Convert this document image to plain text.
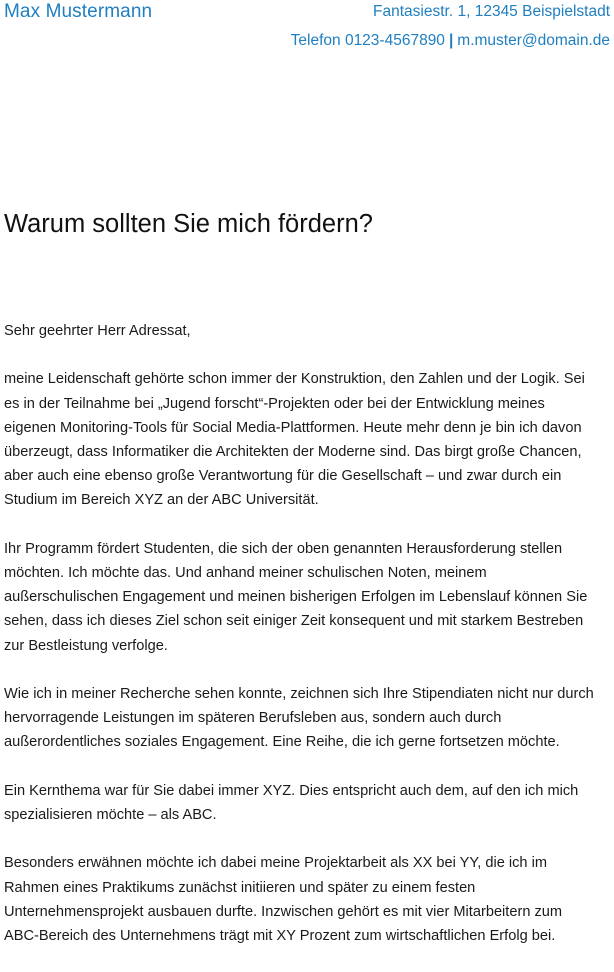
Max Mustermann	Fantasiestr. 1, 12345 Beispielstadt
Telefon 0123-4567890 | m.muster@domain.de
Warum sollten Sie mich fördern?

Sehr geehrter Herr Adressat,

meine Leidenschaft gehörte schon immer der Konstruktion, den Zahlen und der Logik. Sei
es in der Teilnahme bei „Jugend forscht“-Projekten oder bei der Entwicklung meines
eigenen Monitoring-Tools für Social Media-Plattformen. Heute mehr denn je bin ich davon
überzeugt, dass Informatiker die Architekten der Moderne sind. Das birgt große Chancen,
aber auch eine ebenso große Verantwortung für die Gesellschaft – und zwar durch ein
Studium im Bereich XYZ an der ABC Universität.

Ihr Programm fördert Studenten, die sich der oben genannten Herausforderung stellen
möchten. Ich möchte das. Und anhand meiner schulischen Noten, meinem
außerschulischen Engagement und meinen bisherigen Erfolgen im Lebenslauf können Sie
sehen, dass ich dieses Ziel schon seit einiger Zeit konsequent und mit starkem Bestreben
zur Bestleistung verfolge.

Wie ich in meiner Recherche sehen konnte, zeichnen sich Ihre Stipendiaten nicht nur durch
hervorragende Leistungen im späteren Berufsleben aus, sondern auch durch
außerordentliches soziales Engagement. Eine Reihe, die ich gerne fortsetzen möchte.

Ein Kernthema war für Sie dabei immer XYZ. Dies entspricht auch dem, auf den ich mich
spezialisieren möchte – als ABC.

Besonders erwähnen möchte ich dabei meine Projektarbeit als XX bei YY, die ich im
Rahmen eines Praktikums zunächst initiieren und später zu einem festen
Unternehmensprojekt ausbauen durfte. Inzwischen gehört es mit vier Mitarbeitern zum
ABC-Bereich des Unternehmens trägt mit XY Prozent zum wirtschaftlichen Erfolg bei.
